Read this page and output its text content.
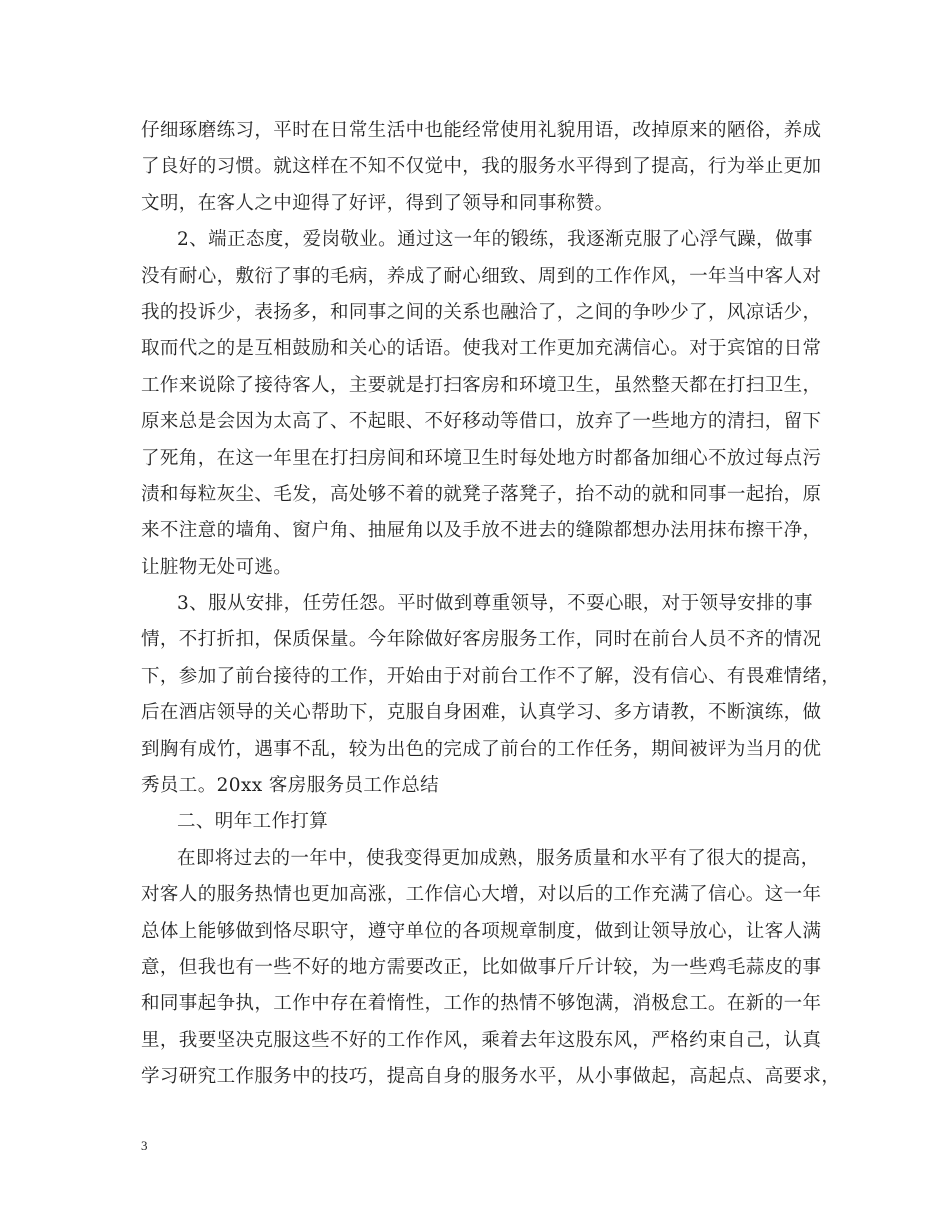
仔细琢磨练习，平时在日常生活中也能经常使用礼貌用语，改掉原来的陋俗，养成
了良好的习惯。就这样在不知不仅觉中，我的服务水平得到了提高，行为举止更加
文明，在客人之中迎得了好评，得到了领导和同事称赞。
2、端正态度，爱岗敬业。通过这一年的锻练，我逐渐克服了心浮气躁，做事
没有耐心，敷衍了事的毛病，养成了耐心细致、周到的工作作风，一年当中客人对
我的投诉少，表扬多，和同事之间的关系也融洽了，之间的争吵少了，风凉话少，
取而代之的是互相鼓励和关心的话语。使我对工作更加充满信心。对于宾馆的日常
工作来说除了接待客人，主要就是打扫客房和环境卫生，虽然整天都在打扫卫生，
原来总是会因为太高了、不起眼、不好移动等借口，放弃了一些地方的清扫，留下
了死角，在这一年里在打扫房间和环境卫生时每处地方时都备加细心不放过每点污
渍和每粒灰尘、毛发，高处够不着的就凳子落凳子，抬不动的就和同事一起抬，原
来不注意的墙角、窗户角、抽屉角以及手放不进去的缝隙都想办法用抹布擦干净，
让脏物无处可逃。
3、服从安排，任劳任怨。平时做到尊重领导，不耍心眼，对于领导安排的事
情，不打折扣，保质保量。今年除做好客房服务工作，同时在前台人员不齐的情况
下，参加了前台接待的工作，开始由于对前台工作不了解，没有信心、有畏难情绪，
后在酒店领导的关心帮助下，克服自身困难，认真学习、多方请教，不断演练，做
到胸有成竹，遇事不乱，较为出色的完成了前台的工作任务，期间被评为当月的优
秀员工。20xx 客房服务员工作总结
二、明年工作打算
在即将过去的一年中，使我变得更加成熟，服务质量和水平有了很大的提高，
对客人的服务热情也更加高涨，工作信心大增，对以后的工作充满了信心。这一年
总体上能够做到恪尽职守，遵守单位的各项规章制度，做到让领导放心，让客人满
意，但我也有一些不好的地方需要改正，比如做事斤斤计较，为一些鸡毛蒜皮的事
和同事起争执，工作中存在着惰性，工作的热情不够饱满，消极怠工。在新的一年
里，我要坚决克服这些不好的工作作风，乘着去年这股东风，严格约束自己，认真
学习研究工作服务中的技巧，提高自身的服务水平，从小事做起，高起点、高要求，
3
